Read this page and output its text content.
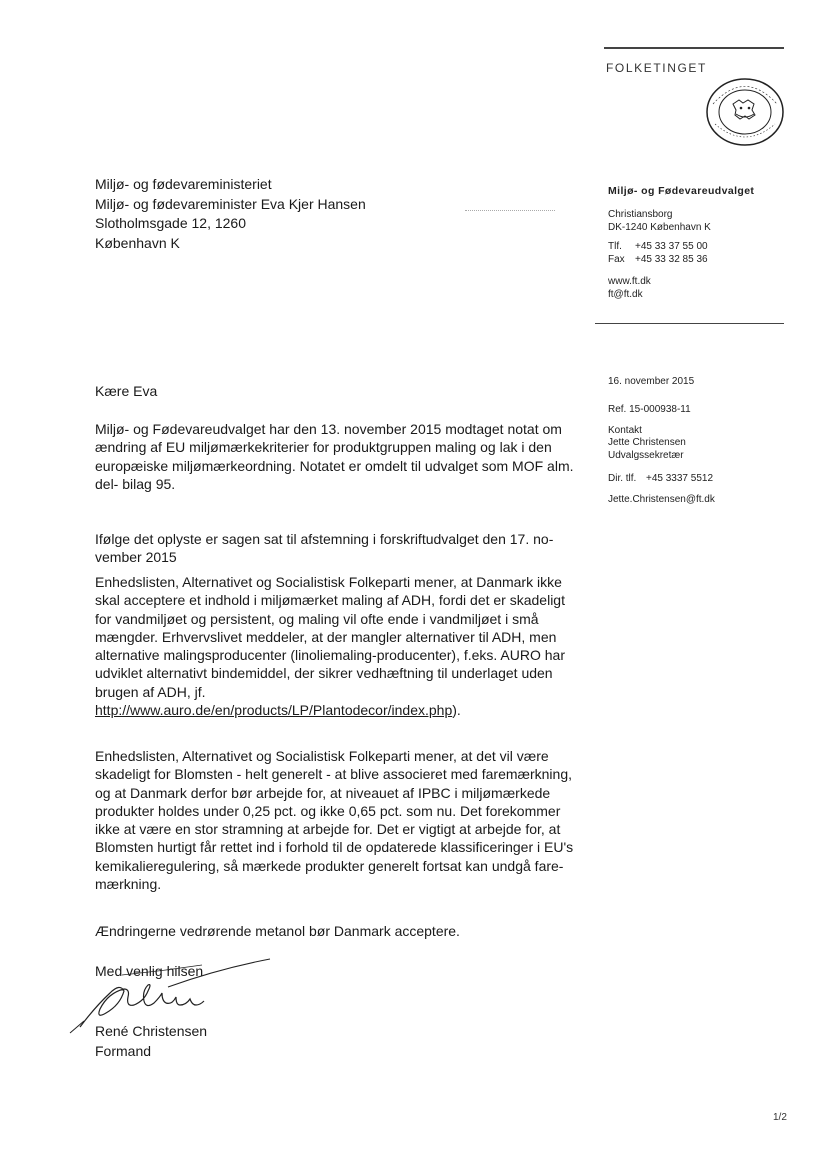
FOLKETINGET
Miljø- og fødevareministeriet
Miljø- og fødevareminister Eva Kjer Hansen
Slotholmsgade 12, 1260
København K
Miljø- og Fødevareudvalget
Christiansborg
DK-1240 København K
Tlf. +45 33 37 55 00
Fax +45 33 32 85 36
www.ft.dk
ft@ft.dk
16. november 2015
Ref. 15-000938-11
Kontakt
Jette Christensen
Udvalgssekretær
Dir. tlf. +45 3337 5512
Jette.Christensen@ft.dk
Kære Eva
Miljø- og Fødevareudvalget har den 13. november 2015 modtaget notat om
ændring af EU miljømærkekriterier for produktgruppen maling og lak i den
europæiske miljømærkeordning. Notatet er omdelt til udvalget som MOF alm.
del- bilag 95.
Ifølge det oplyste er sagen sat til afstemning i forskriftudvalget den 17. no-
vember 2015
Enhedslisten, Alternativet og Socialistisk Folkeparti mener, at Danmark ikke
skal acceptere et indhold i miljømærket maling af ADH, fordi det er skadeligt
for vandmiljøet og persistent, og maling vil ofte ende i vandmiljøet i små
mængder. Erhvervslivet meddeler, at der mangler alternativer til ADH, men
alternative malingsproducenter (linoliemaling-producenter), f.eks. AURO har
udviklet alternativt bindemiddel, der sikrer vedhæftning til underlaget uden
brugen af ADH, jf.
http://www.auro.de/en/products/LP/Plantodecor/index.php).
Enhedslisten, Alternativet og Socialistisk Folkeparti mener, at det vil være
skadeligt for Blomsten - helt generelt - at blive associeret med faremærkning,
og at Danmark derfor bør arbejde for, at niveauet af IPBC i miljømærkede
produkter holdes under 0,25 pct. og ikke 0,65 pct. som nu. Det forekommer
ikke at være en stor stramning at arbejde for. Det er vigtigt at arbejde for, at
Blomsten hurtigt får rettet ind i forhold til de opdaterede klassificeringer i EU's
kemikalieregulering, så mærkede produkter generelt fortsat kan undgå fare-
mærkning.
Ændringerne vedrørende metanol bør Danmark acceptere.
Med venlig hilsen
René Christensen
Formand
1/2
